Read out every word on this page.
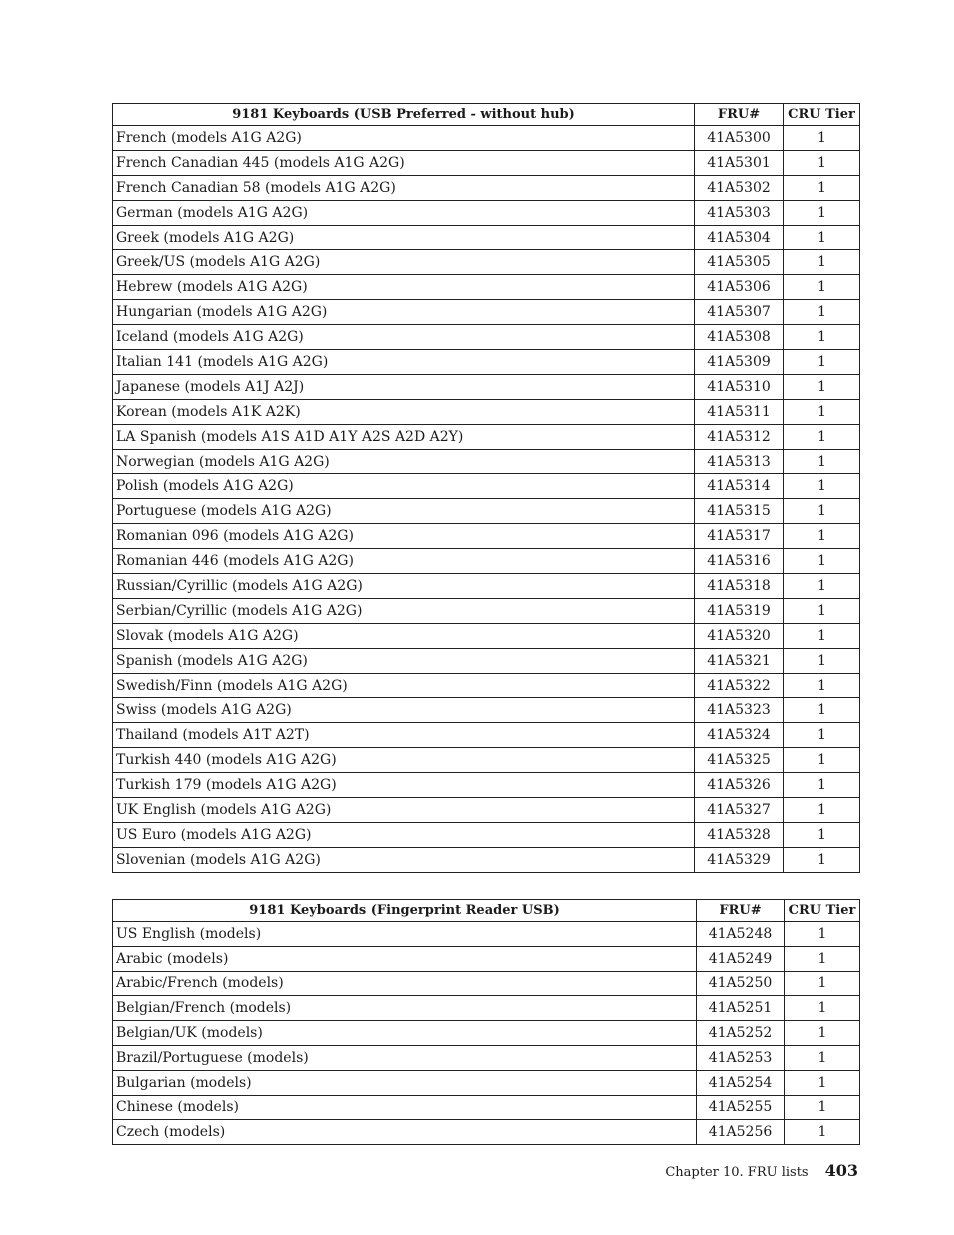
9181 Keyboards (USB Preferred - without hub)	FRU#	CRU Tier
French (models A1G A2G)	41A5300	1
French Canadian 445 (models A1G A2G)	41A5301	1
French Canadian 58 (models A1G A2G)	41A5302	1
German (models A1G A2G)	41A5303	1
Greek (models A1G A2G)	41A5304	1
Greek/US (models A1G A2G)	41A5305	1
Hebrew (models A1G A2G)	41A5306	1
Hungarian (models A1G A2G)	41A5307	1
Iceland (models A1G A2G)	41A5308	1
Italian 141 (models A1G A2G)	41A5309	1
Japanese (models A1J A2J)	41A5310	1
Korean (models A1K A2K)	41A5311	1
LA Spanish (models A1S A1D A1Y A2S A2D A2Y)	41A5312	1
Norwegian (models A1G A2G)	41A5313	1
Polish (models A1G A2G)	41A5314	1
Portuguese (models A1G A2G)	41A5315	1
Romanian 096 (models A1G A2G)	41A5317	1
Romanian 446 (models A1G A2G)	41A5316	1
Russian/Cyrillic (models A1G A2G)	41A5318	1
Serbian/Cyrillic (models A1G A2G)	41A5319	1
Slovak (models A1G A2G)	41A5320	1
Spanish (models A1G A2G)	41A5321	1
Swedish/Finn (models A1G A2G)	41A5322	1
Swiss (models A1G A2G)	41A5323	1
Thailand (models A1T A2T)	41A5324	1
Turkish 440 (models A1G A2G)	41A5325	1
Turkish 179 (models A1G A2G)	41A5326	1
UK English (models A1G A2G)	41A5327	1
US Euro (models A1G A2G)	41A5328	1
Slovenian (models A1G A2G)	41A5329	1
9181 Keyboards (Fingerprint Reader USB)	FRU#	CRU Tier
US English (models)	41A5248	1
Arabic (models)	41A5249	1
Arabic/French (models)	41A5250	1
Belgian/French (models)	41A5251	1
Belgian/UK (models)	41A5252	1
Brazil/Portuguese (models)	41A5253	1
Bulgarian (models)	41A5254	1
Chinese (models)	41A5255	1
Czech (models)	41A5256	1
Chapter 10. FRU lists 403
